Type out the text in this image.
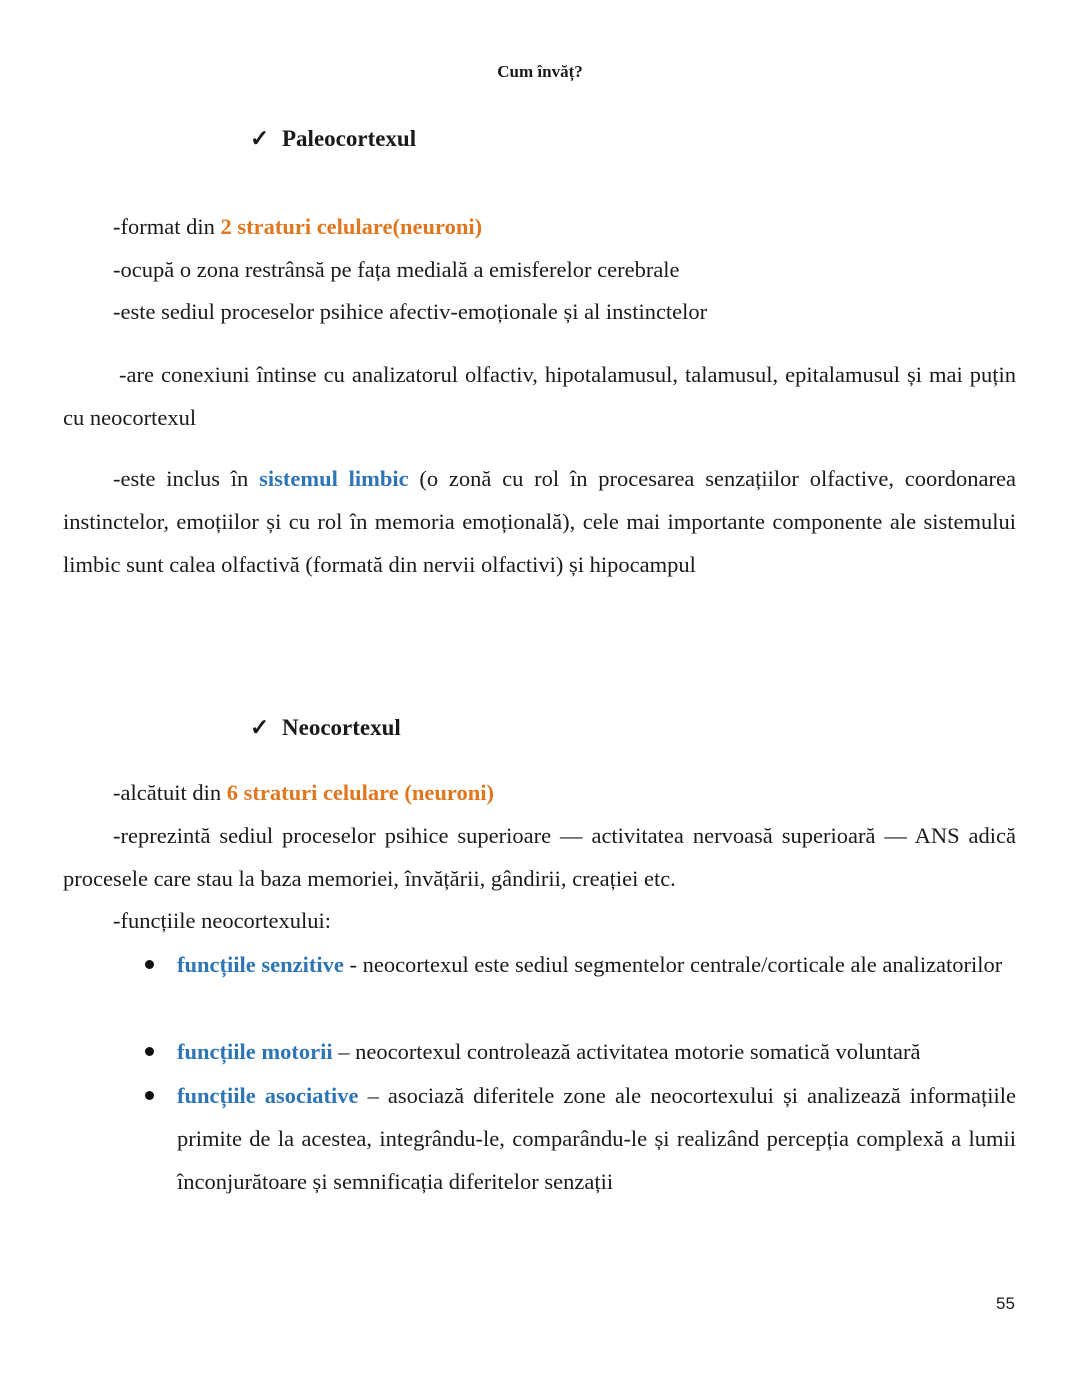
Cum învăț?
✓ Paleocortexul
-format din 2 straturi celulare(neuroni)
-ocupă o zona restrânsă pe fața medială a emisferelor cerebrale
-este sediul proceselor psihice afectiv-emoționale și al instinctelor
-are conexiuni întinse cu analizatorul olfactiv, hipotalamusul, talamusul, epitalamusul și mai puțin cu neocortexul
-este inclus în sistemul limbic (o zonă cu rol în procesarea senzațiilor olfactive, coordonarea instinctelor, emoțiilor și cu rol în memoria emoțională), cele mai importante componente ale sistemului limbic sunt calea olfactivă (formată din nervii olfactivi) și hipocampul
✓ Neocortexul
-alcătuit din 6 straturi celulare (neuroni)
-reprezintă sediul proceselor psihice superioare — activitatea nervoasă superioară — ANS adică procesele care stau la baza memoriei, învățării, gândirii, creației etc.
-funcțiile neocortexului:
funcțiile senzitive - neocortexul este sediul segmentelor centrale/corticale ale analizatorilor
funcțiile motorii – neocortexul controlează activitatea motorie somatică voluntară
funcțiile asociative – asociază diferitele zone ale neocortexului și analizează informațiile primite de la acestea, integrându-le, comparându-le și realizând percepția complexă a lumii înconjurătoare și semnificația diferitelor senzații
55
